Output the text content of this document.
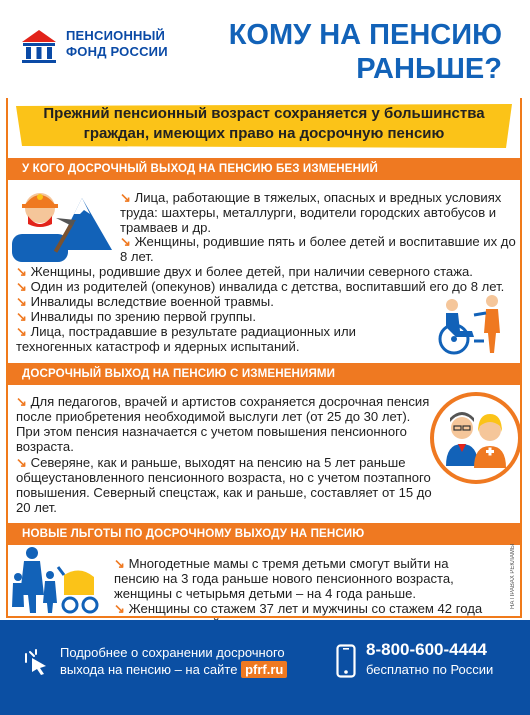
ПЕНСИОННЫЙ
ФОНД РОССИИ
КОМУ НА ПЕНСИЮ
РАНЬШЕ?
Прежний пенсионный возраст сохраняется у большинства
граждан, имеющих право на досрочную пенсию
У КОГО ДОСРОЧНЫЙ ВЫХОД НА ПЕНСИЮ БЕЗ ИЗМЕНЕНИЙ
↘ Лица, работающие в тяжелых, опасных и вредных условиях труда: шахтеры, металлурги, водители городских автобусов и трамваев и др.
↘ Женщины, родившие пять и более детей и воспитавшие их до 8 лет.
↘ Женщины, родившие двух и более детей, при наличии северного стажа.
↘ Один из родителей (опекунов) инвалида с детства, воспитавший его до 8 лет.
↘ Инвалиды вследствие военной травмы.
↘ Инвалиды по зрению первой группы.
↘ Лица, пострадавшие в результате радиационных или техногенных катастроф и ядерных испытаний.
ДОСРОЧНЫЙ ВЫХОД НА ПЕНСИЮ С ИЗМЕНЕНИЯМИ
↘ Для педагогов, врачей и артистов сохраняется досрочная пенсия после приобретения необходимой выслуги лет (от 25 до 30 лет). При этом пенсия назначается с учетом повышения пенсионного возраста.
↘ Северяне, как и раньше, выходят на пенсию на 5 лет раньше общеустановленного пенсионного возраста, но с учетом поэтапного повышения. Северный спецстаж, как и раньше, составляет от 15 до 20 лет.
НОВЫЕ ЛЬГОТЫ ПО ДОСРОЧНОМУ ВЫХОДУ НА ПЕНСИЮ
↘ Многодетные мамы с тремя детьми смогут выйти на пенсию на 3 года раньше нового пенсионного возраста, женщины с четырьмя детьми – на 4 года раньше.
↘ Женщины со стажем 37 лет и мужчины со стажем 42 года	НА ПРАВАХ РЕКЛАМЫ
Подробнее о сохранении досрочного
выхода на пенсию – на сайте pfrf.ru
8-800-600-4444
бесплатно по России
